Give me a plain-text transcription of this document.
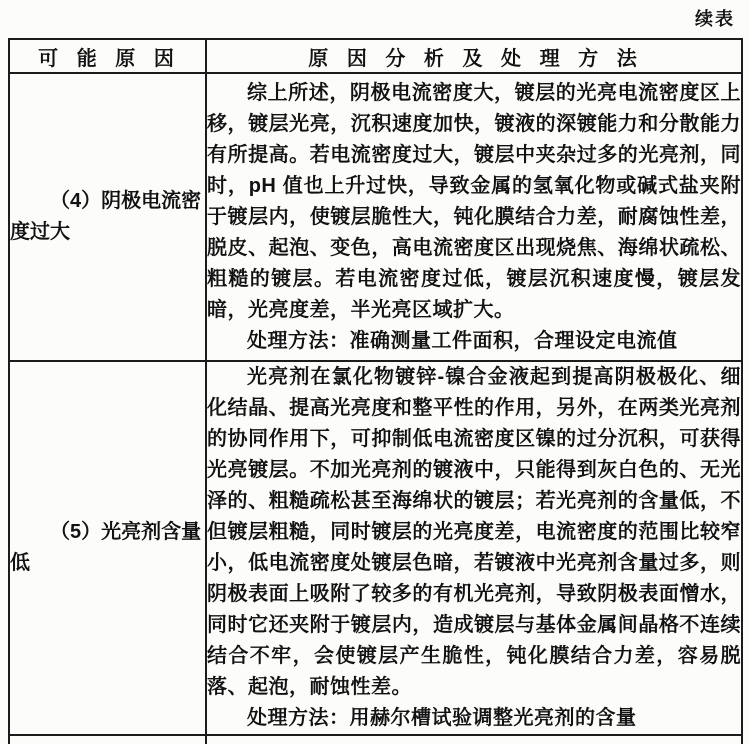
续表
可 能 原 因	原 因 分 析 及 处 理 方 法

（4）阴极电流密度过大	综上所述，阴极电流密度大，镀层的光亮电流密度区上移，镀层光亮，沉积速度加快，镀液的深镀能力和分散能力有所提高。若电流密度过大，镀层中夹杂过多的光亮剂，同时，pH 值也上升过快，导致金属的氢氧化物或碱式盐夹附于镀层内，使镀层脆性大，钝化膜结合力差，耐腐蚀性差，脱皮、起泡、变色，高电流密度区出现烧焦、海绵状疏松、粗糙的镀层。若电流密度过低，镀层沉积速度慢，镀层发暗，光亮度差，半光亮区域扩大。

处理方法：准确测量工件面积，合理设定电流值

（5）光亮剂含量低	光亮剂在氯化物镀锌-镍合金液起到提高阴极极化、细化结晶、提高光亮度和整平性的作用，另外，在两类光亮剂的协同作用下，可抑制低电流密度区镍的过分沉积，可获得光亮镀层。不加光亮剂的镀液中，只能得到灰白色的、无光泽的、粗糙疏松甚至海绵状的镀层；若光亮剂的含量低，不但镀层粗糙，同时镀层的光亮度差，电流密度的范围比较窄小，低电流密度处镀层色暗，若镀液中光亮剂含量过多，则阴极表面上吸附了较多的有机光亮剂，导致阴极表面憎水，同时它还夹附于镀层内，造成镀层与基体金属间晶格不连续结合不牢，会使镀层产生脆性，钝化膜结合力差，容易脱落、起泡，耐蚀性差。

处理方法：用赫尔槽试验调整光亮剂的含量
